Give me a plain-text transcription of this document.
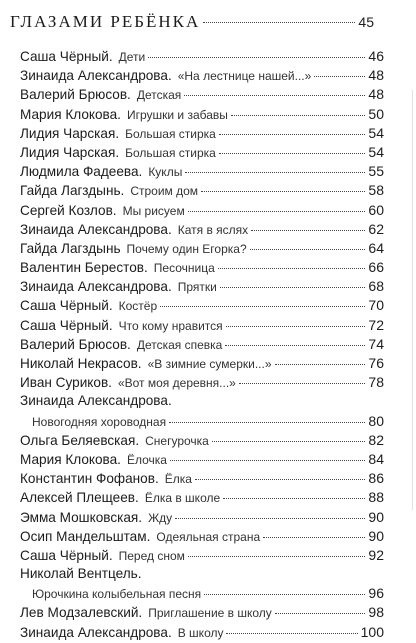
ГЛАЗАМИ РЕБЁНКА	45
Саша Чёрный. Дети	46
Зинаида Александрова. «На лестнице нашей...»	48
Валерий Брюсов. Детская	48
Мария Клокова. Игрушки и забавы	50
Лидия Чарская. Большая стирка	54
Лидия Чарская. Большая стирка	54
Людмила Фадеева. Куклы	55
Гайда Лагздынь. Строим дом	58
Сергей Козлов. Мы рисуем	60
Зинаида Александрова. Катя в яслях	62
Гайда Лагздынь Почему один Егорка?	64
Валентин Берестов. Песочница	66
Зинаида Александрова. Прятки	68
Саша Чёрный. Костёр	70
Саша Чёрный. Что кому нравится	72
Валерий Брюсов. Детская спевка	74
Николай Некрасов. «В зимние сумерки...»	76
Иван Суриков. «Вот моя деревня...»	78
Зинаида Александрова.
Новогодняя хороводная	80
Ольга Беляевская. Снегурочка	82
Мария Клокова. Ёлочка	84
Константин Фофанов. Ёлка	86
Алексей Плещеев. Ёлка в школе	88
Эмма Мошковская. Жду	90
Осип Мандельштам. Одеяльная страна	90
Саша Чёрный. Перед сном	92
Николай Вентцель.
Юрочкина колыбельная песня	96
Лев Модзалевский. Приглашение в школу	98
Зинаида Александрова. В школу	100
